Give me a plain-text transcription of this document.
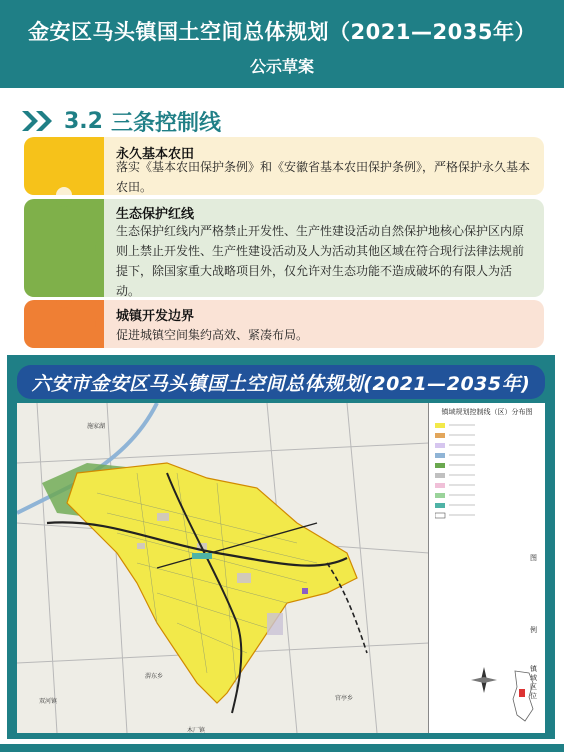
金安区马头镇国土空间总体规划（2021—2035年）
公示草案
3.2 三条控制线
永久基本农田
落实《基本农田保护条例》和《安徽省基本农田保护条例》，严格保护永久基本农田。
生态保护红线
生态保护红线内严格禁止开发性、生产性建设活动自然保护地核心保护区内原则上禁止开发性、生产性建设活动及人为活动其他区域在符合现行法律法规前提下，除国家重大战略项目外，仅允许对生态功能不造成破坏的有限人为活动。
城镇开发边界
促进城镇空间集约高效、紧凑布局。
六安市金安区马头镇国土空间总体规划(2021—2035年)
施家湖
木厂镇
淠东乡
双河镇	官亭乡
镇域规划控制线（区）分布图
图
例
镇域区位
